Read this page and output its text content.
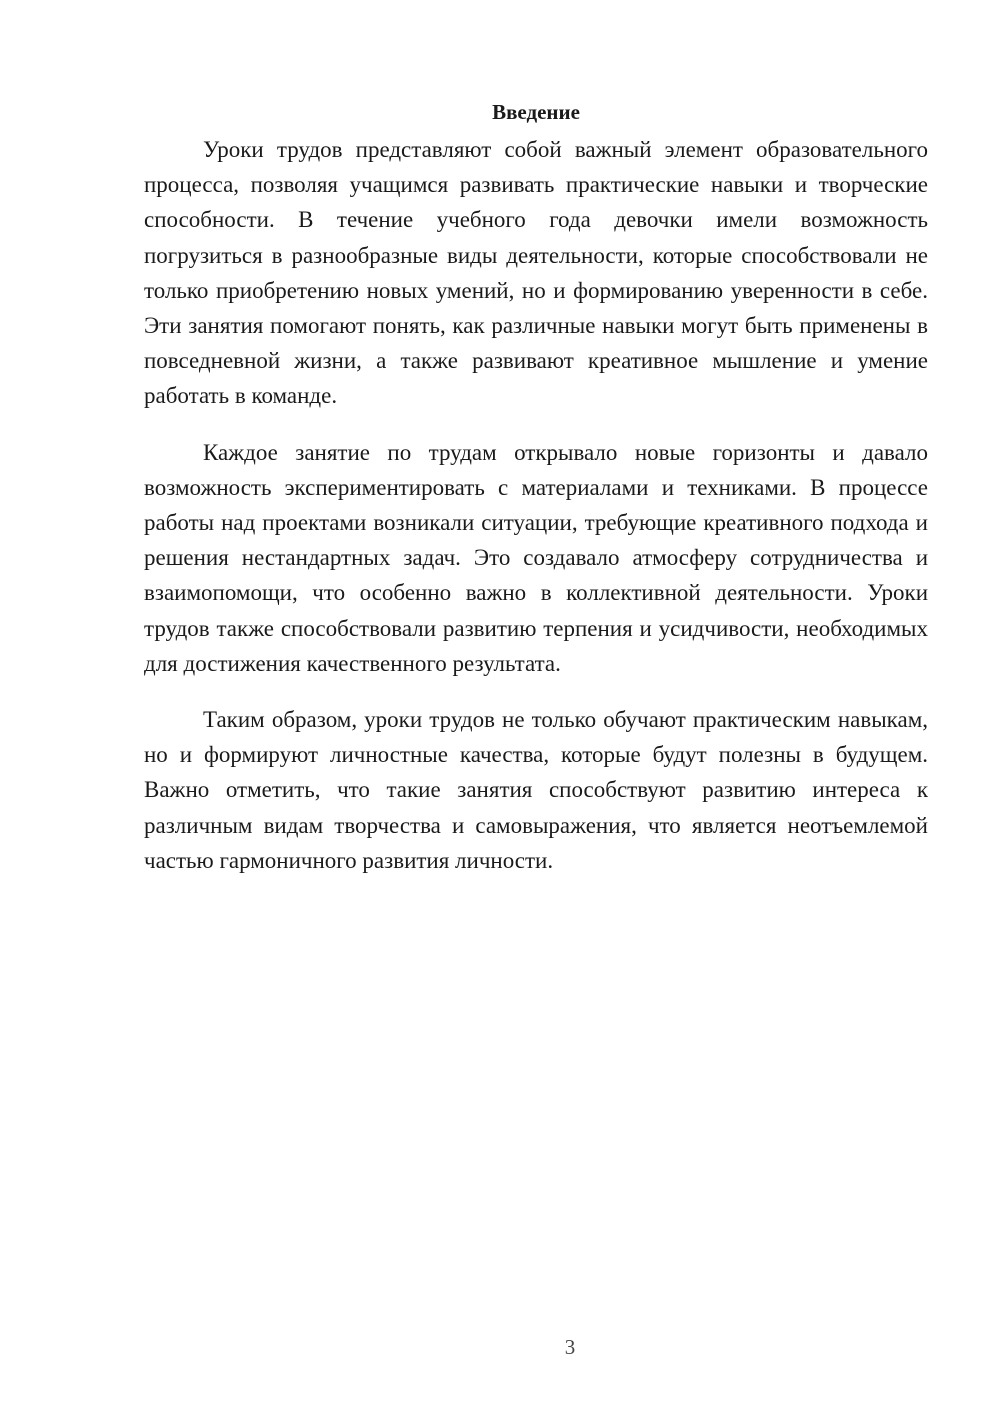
Введение

Уроки трудов представляют собой важный элемент образовательного процесса, позволяя учащимся развивать практические навыки и творческие способности. В течение учебного года девочки имели возможность погрузиться в разнообразные виды деятельности, которые способствовали не только приобретению новых умений, но и формированию уверенности в себе. Эти занятия помогают понять, как различные навыки могут быть применены в повседневной жизни, а также развивают креативное мышление и умение работать в команде.

Каждое занятие по трудам открывало новые горизонты и давало возможность экспериментировать с материалами и техниками. В процессе работы над проектами возникали ситуации, требующие креативного подхода и решения нестандартных задач. Это создавало атмосферу сотрудничества и взаимопомощи, что особенно важно в коллективной деятельности. Уроки трудов также способствовали развитию терпения и усидчивости, необходимых для достижения качественного результата.

Таким образом, уроки трудов не только обучают практическим навыкам, но и формируют личностные качества, которые будут полезны в будущем. Важно отметить, что такие занятия способствуют развитию интереса к различным видам творчества и самовыражения, что является неотъемлемой частью гармоничного развития личности.

3
